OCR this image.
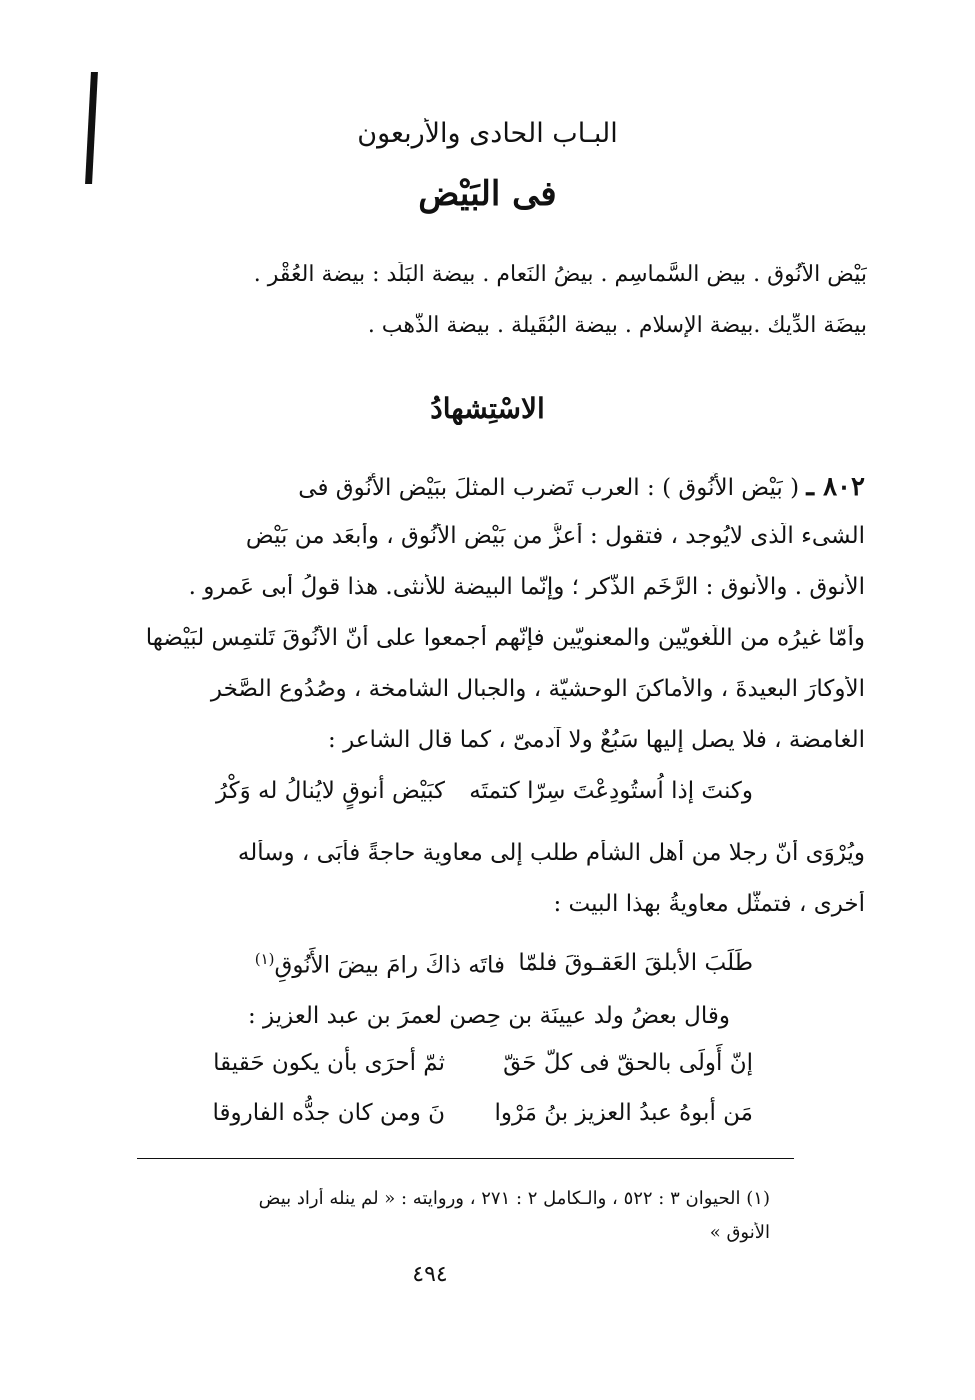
البـاب الحادى والأربعون
فى البَيْض
بَيْض الأَنُوق . بيض السَّماسِم . بيضُ النَعام . بيضة البَلَد : بيضة العُقْر .
بيضَة الدِّيك .بيضة الإسلام . بيضة البُقَيلة . بيضة الذَّهب .
الاسْتِشهادُ
٨٠٢ ـ ( بَيْض الأَنُوق ) : العرب تَضرب المثلَ ببَيْض الأَنُوق فى
الشىء الّذى لايُوجد ، فتقول : أعزُّ من بَيْض الأَنُوق ، وأبعَد من بَيْض
الأنوق . والأَنوق : الرَّخَم الذَّكر ؛ وإنّما البيضة للأنثى. هذا قولُ أبى عَمرو .
وأمّا غيرُه من اللّغويّين والمعنويّين فإنّهم أجمعوا على أنّ الأَنُوقَ تَلتمِس لبَيْضها
الأوكارَ البعيدةَ ، والأماكنَ الوحشيّة ، والجبال الشامخة ، وصُدُوع الصَّخر
الغامضة ، فلا يصل إليها سَبُعٌ ولا آدمىّ ، كما قال الشاعر :
وكنتَ إذا اُستُودِعْتَ سِرّا كتمتَه
كبَيْض أنوقٍ لايُنالُ له وَكْرُ
ويُرْوَى أنّ رجلا من أهل الشأم طلب إلى معاوية حاجةً فأبَى ، وسأله
أخرى ، فتمثّل معاويةُ بهذا البيت :
طَلَبَ الأبلقَ العَقـوقَ فلمّا
فاتَه ذاكَ رامَ بيضَ الأَنُوقِ$^{(١)}$
وقال بعضُ ولد عيينَة بن حِصن لعمرَ بن عبد العزيز :
إنّ أَولَى بالحقّ فى كلّ حَقّ
ثمّ أحرَى بأن يكون حَقيقا
مَن أبوهُ عبدُ العزيز بنُ مَرْوا
نَ ومن كان جدُّه الفاروقا
(١) الحيوان ٣ : ٥٢٢ ، والـكامل ٢ : ٢٧١ ، وروايته : « لم ينله أراد بيض
الأنوق »
٤٩٤
